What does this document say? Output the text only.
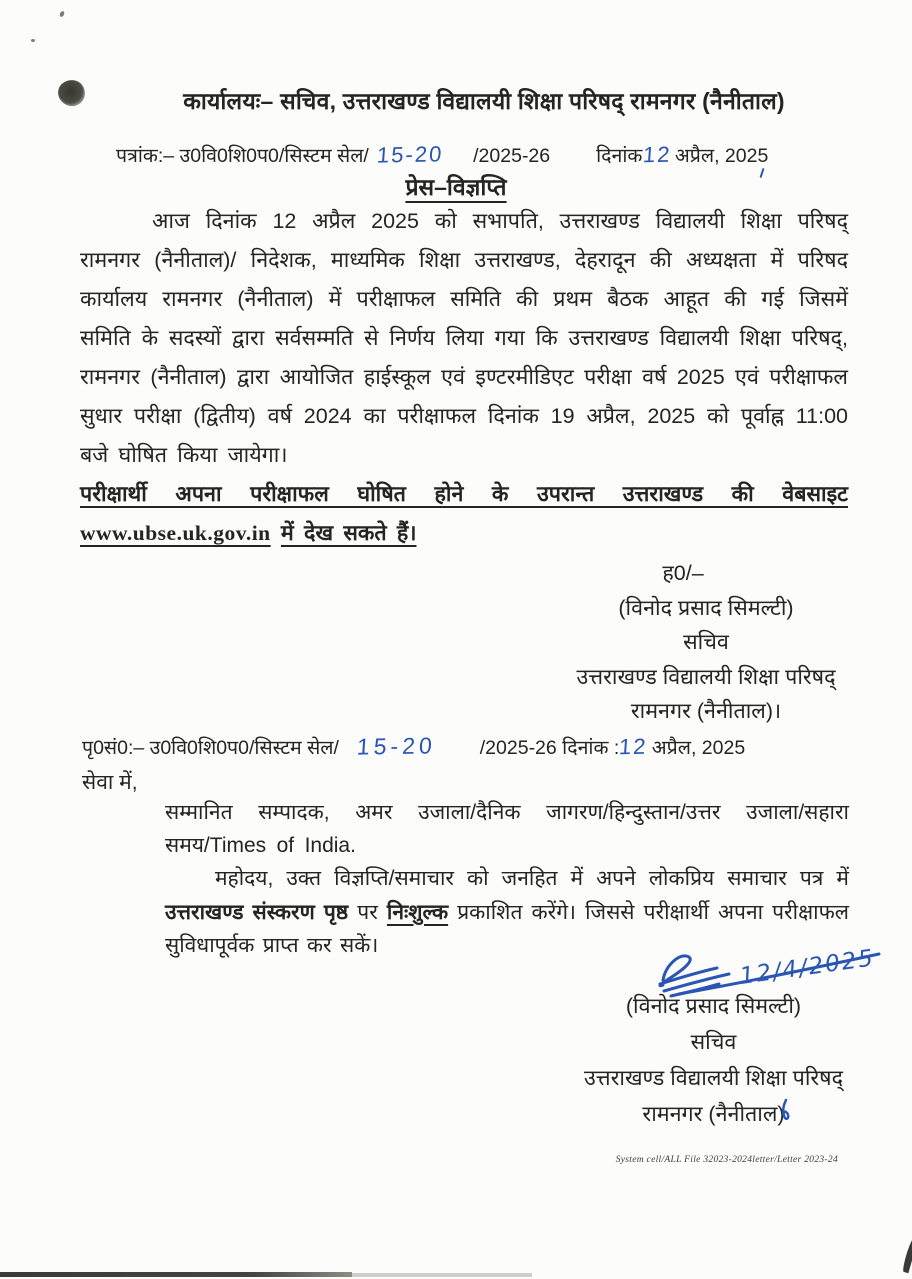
कार्यालयः– सचिव, उत्तराखण्ड विद्यालयी शिक्षा परिषद् रामनगर (नैनीताल)
पत्रांक:– उ0वि0शि0प0/सिस्टम सेल/ 15-20 /2025-26 दिनांक12 अप्रैल, 2025
प्रेस–विज्ञप्ति

आज दिनांक 12 अप्रैल 2025 को सभापति, उत्तराखण्ड विद्यालयी शिक्षा परिषद् रामनगर (नैनीताल)/ निदेशक, माध्यमिक शिक्षा उत्तराखण्ड, देहरादून की अध्यक्षता में परिषद कार्यालय रामनगर (नैनीताल) में परीक्षाफल समिति की प्रथम बैठक आहूत की गई जिसमें समिति के सदस्यों द्वारा सर्वसम्मति से निर्णय लिया गया कि उत्तराखण्ड विद्यालयी शिक्षा परिषद्, रामनगर (नैनीताल) द्वारा आयोजित हाईस्कूल एवं इण्टरमीडिएट परीक्षा वर्ष 2025 एवं परीक्षाफल सुधार परीक्षा (द्वितीय) वर्ष 2024 का परीक्षाफल दिनांक 19 अप्रैल, 2025 को पूर्वाह्न 11:00 बजे घोषित किया जायेगा।

परीक्षार्थी अपना परीक्षाफल घोषित होने के उपरान्त उत्तराखण्ड की वेबसाइट www.ubse.uk.gov.in में देख सकते हैं।

ह0/–
(विनोद प्रसाद सिमल्टी)
सचिव
उत्तराखण्ड विद्यालयी शिक्षा परिषद्
रामनगर (नैनीताल)।
पृ0सं0:– उ0वि0शि0प0/सिस्टम सेल/ 15-20 /2025-26 दिनांक :12 अप्रैल, 2025
सेवा में,

सम्मानित सम्पादक, अमर उजाला/दैनिक जागरण/हिन्दुस्तान/उत्तर उजाला/सहारा समय/Times of India.

महोदय, उक्त विज्ञप्ति/समाचार को जनहित में अपने लोकप्रिय समाचार पत्र में उत्तराखण्ड संस्करण पृष्ठ पर निःशुल्क प्रकाशित करेंगे। जिससे परीक्षार्थी अपना परीक्षाफल सुविधापूर्वक प्राप्त कर सकें।	12/4/2025
(विनोद प्रसाद सिमल्टी)
सचिव
उत्तराखण्ड विद्यालयी शिक्षा परिषद्
रामनगर (नैनीताल)
System cell/ALL File 32023-2024letter/Letter 2023-24
